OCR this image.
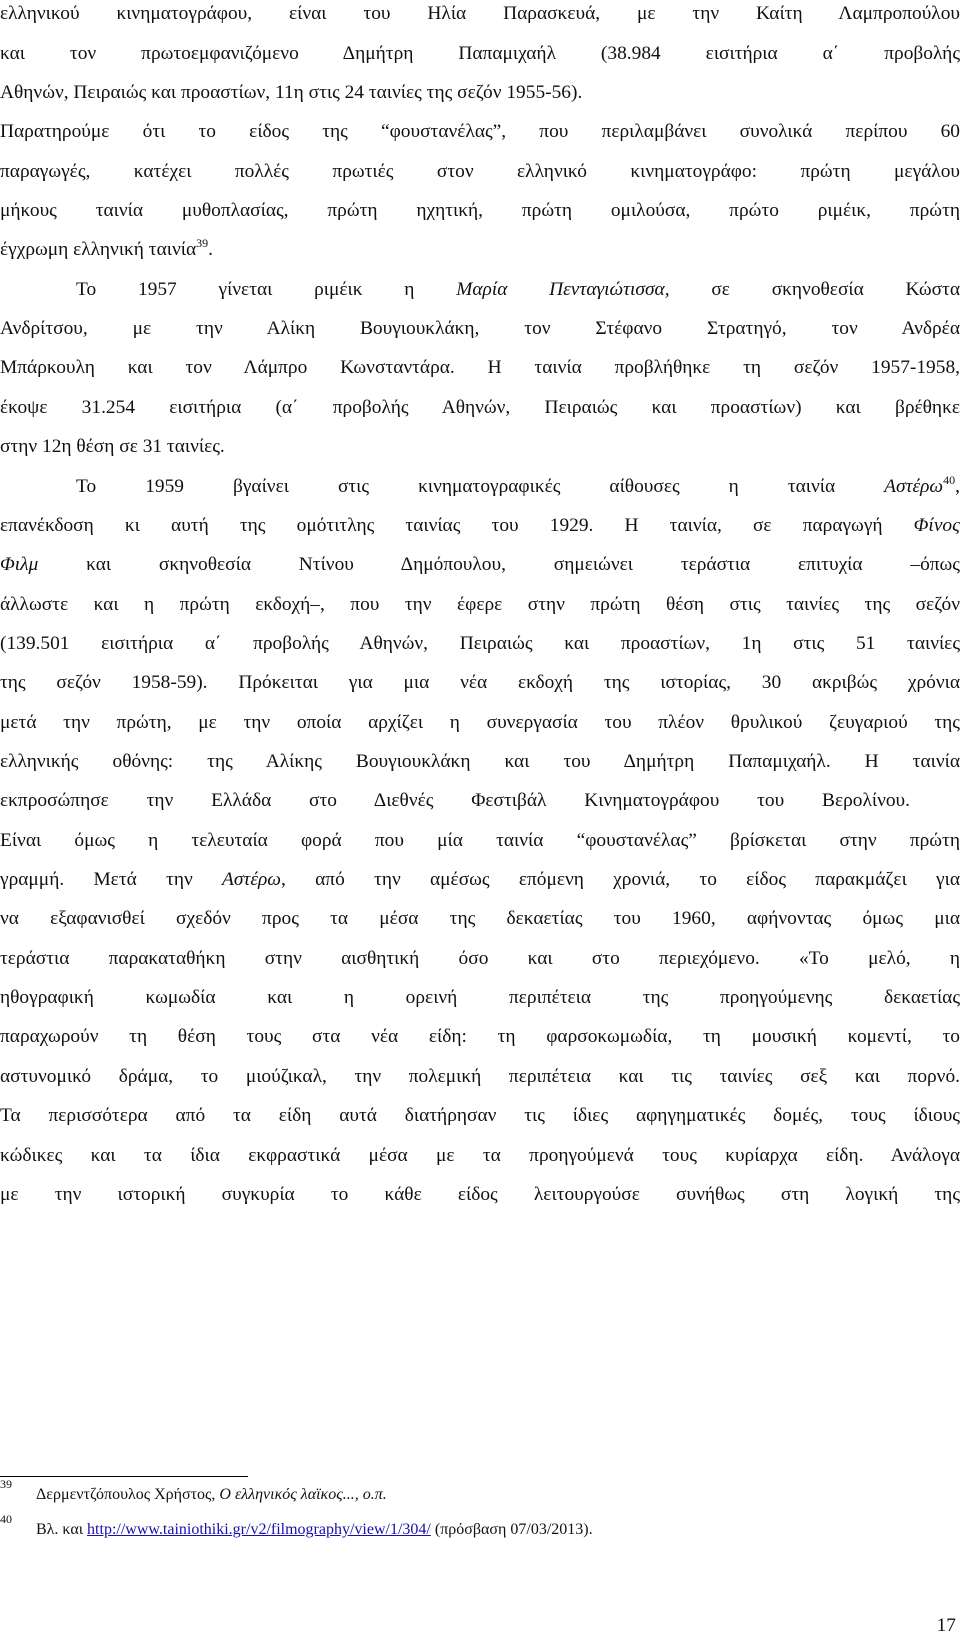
ελληνικού κινηματογράφου, είναι του Ηλία Παρασκευά, με την Καίτη Λαμπροπούλου
και τον πρωτοεμφανιζόμενο Δημήτρη Παπαμιχαήλ (38.984 εισιτήρια α΄ προβολής
Αθηνών, Πειραιώς και προαστίων, 11η στις 24 ταινίες της σεζόν 1955-56).
Παρατηρούμε ότι το είδος της “φουστανέλας”, που περιλαμβάνει συνολικά περίπου 60
παραγωγές, κατέχει πολλές πρωτιές στον ελληνικό κινηματογράφο: πρώτη μεγάλου
μήκους ταινία μυθοπλασίας, πρώτη ηχητική, πρώτη ομιλούσα, πρώτο ριμέικ, πρώτη
έγχρωμη ελληνική ταινία$^{39}$.
Το 1957 γίνεται ριμέικ η Μαρία Πενταγιώτισσα, σε σκηνοθεσία Κώστα
Ανδρίτσου, με την Αλίκη Βουγιουκλάκη, τον Στέφανο Στρατηγό, τον Ανδρέα
Μπάρκουλη και τον Λάμπρο Κωνσταντάρα. Η ταινία προβλήθηκε τη σεζόν 1957-1958,
έκοψε 31.254 εισιτήρια (α΄ προβολής Αθηνών, Πειραιώς και προαστίων) και βρέθηκε
στην 12η θέση σε 31 ταινίες.
Το 1959 βγαίνει στις κινηματογραφικές αίθουσες η ταινία Αστέρω$^{40}$,
επανέκδοση κι αυτή της ομότιτλης ταινίας του 1929. Η ταινία, σε παραγωγή Φίνος
Φιλμ και σκηνοθεσία Ντίνου Δημόπουλου, σημειώνει τεράστια επιτυχία –όπως
άλλωστε και η πρώτη εκδοχή–, που την έφερε στην πρώτη θέση στις ταινίες της σεζόν
(139.501 εισιτήρια α΄ προβολής Αθηνών, Πειραιώς και προαστίων, 1η στις 51 ταινίες
της σεζόν 1958-59). Πρόκειται για μια νέα εκδοχή της ιστορίας, 30 ακριβώς χρόνια
μετά την πρώτη, με την οποία αρχίζει η συνεργασία του πλέον θρυλικού ζευγαριού της
ελληνικής οθόνης: της Αλίκης Βουγιουκλάκη και του Δημήτρη Παπαμιχαήλ. Η ταινία
εκπροσώπησε την Ελλάδα στο Διεθνές Φεστιβάλ Κινηματογράφου του Βερολίνου.
Είναι όμως η τελευταία φορά που μία ταινία “φουστανέλας” βρίσκεται στην πρώτη
γραμμή. Μετά την Αστέρω, από την αμέσως επόμενη χρονιά, το είδος παρακμάζει για
να εξαφανισθεί σχεδόν προς τα μέσα της δεκαετίας του 1960, αφήνοντας όμως μια
τεράστια παρακαταθήκη στην αισθητική όσο και στο περιεχόμενο. «Το μελό, η
ηθογραφική κωμωδία και η ορεινή περιπέτεια της προηγούμενης δεκαετίας
παραχωρούν τη θέση τους στα νέα είδη: τη φαρσοκωμωδία, τη μουσική κομεντί, το
αστυνομικό δράμα, το μιούζικαλ, την πολεμική περιπέτεια και τις ταινίες σεξ και πορνό.
Τα περισσότερα από τα είδη αυτά διατήρησαν τις ίδιες αφηγηματικές δομές, τους ίδιους
κώδικες και τα ίδια εκφραστικά μέσα με τα προηγούμενά τους κυρίαρχα είδη. Ανάλογα
με την ιστορική συγκυρία το κάθε είδος λειτουργούσε συνήθως στη λογική της
39
Δερμεντζόπουλος Χρήστος, Ο ελληνικός λαϊκος..., ο.π.
40
Βλ. και http://www.tainiothiki.gr/v2/filmography/view/1/304/ (πρόσβαση 07/03/2013).
17
